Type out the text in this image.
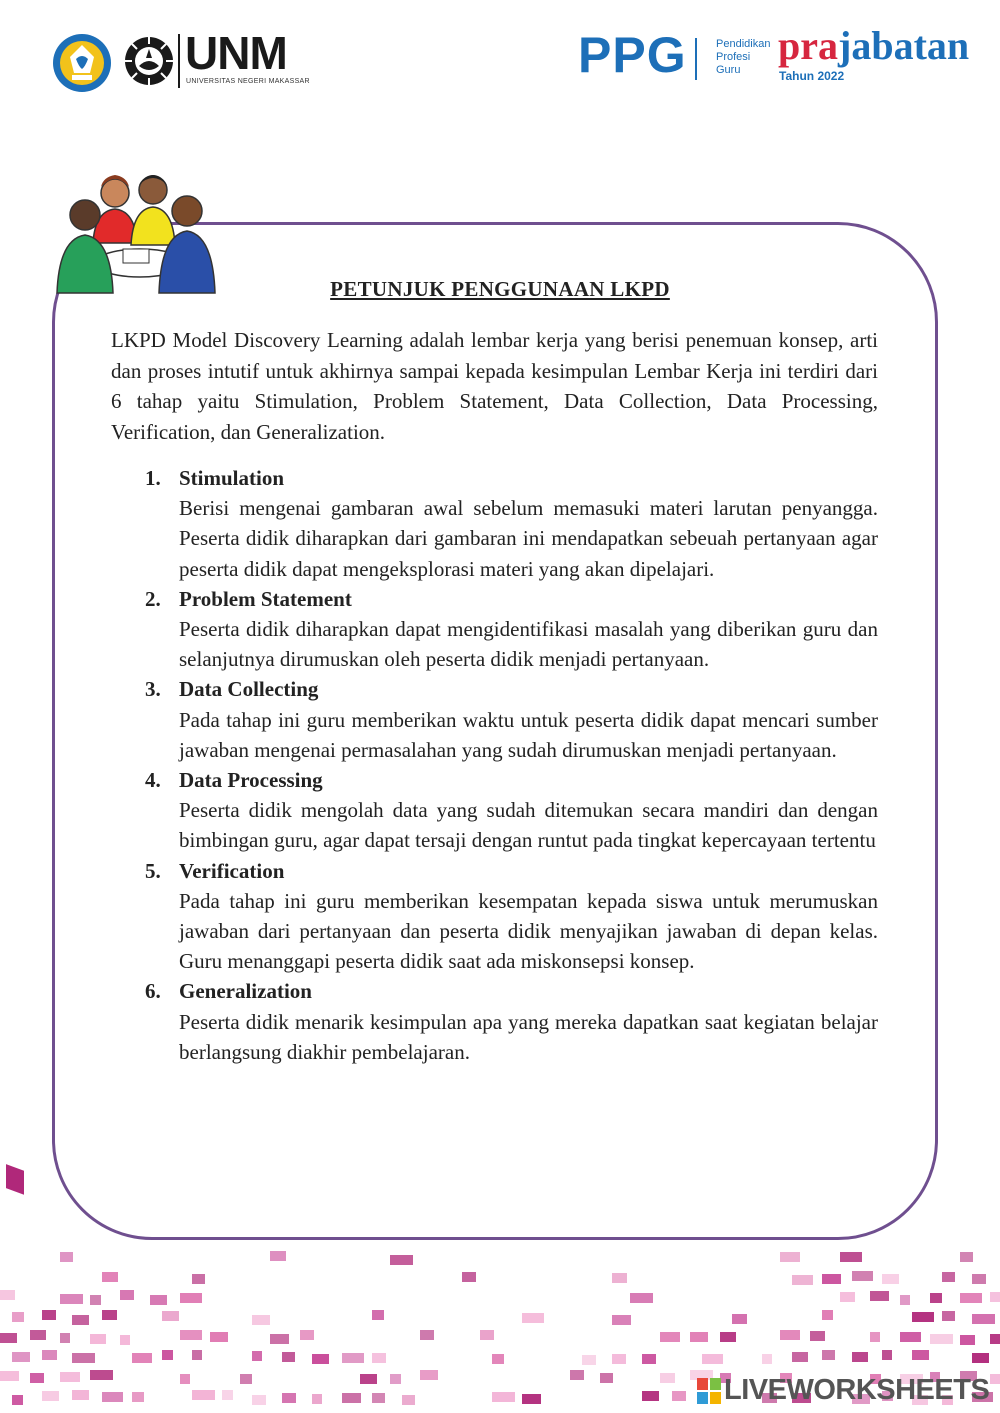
UNM
UNIVERSITAS NEGERI MAKASSAR	PPG	Pendidikan
Profesi
Guru
prajabatan
Tahun 2022
PETUNJUK PENGGUNAAN LKPD
LKPD Model Discovery Learning adalah lembar kerja yang berisi penemuan konsep, arti dan proses intutif untuk akhirnya sampai kepada kesimpulan Lembar Kerja ini terdiri dari 6 tahap yaitu Stimulation, Problem Statement, Data Collection, Data Processing, Verification, dan Generalization.
1. Stimulation
Berisi mengenai gambaran awal sebelum memasuki materi larutan penyangga. Peserta didik diharapkan dari gambaran ini mendapatkan sebeuah pertanyaan agar peserta didik dapat mengeksplorasi materi yang akan dipelajari.
2. Problem Statement
Peserta didik diharapkan dapat mengidentifikasi masalah yang diberikan guru dan selanjutnya dirumuskan oleh peserta didik menjadi pertanyaan.
3. Data Collecting
Pada tahap ini guru memberikan waktu untuk peserta didik dapat mencari sumber jawaban mengenai permasalahan yang sudah dirumuskan menjadi pertanyaan.
4. Data Processing
Peserta didik mengolah data yang sudah ditemukan secara mandiri dan dengan bimbingan guru, agar dapat tersaji dengan runtut pada tingkat kepercayaan tertentu
5. Verification
Pada tahap ini guru memberikan kesempatan kepada siswa untuk merumuskan jawaban dari pertanyaan dan peserta didik menyajikan jawaban di depan kelas. Guru menanggapi peserta didik saat ada miskonsepsi konsep.
6. Generalization
Peserta didik menarik kesimpulan apa yang mereka dapatkan saat kegiatan belajar berlangsung diakhir pembelajaran.
LIVEWORKSHEETS
